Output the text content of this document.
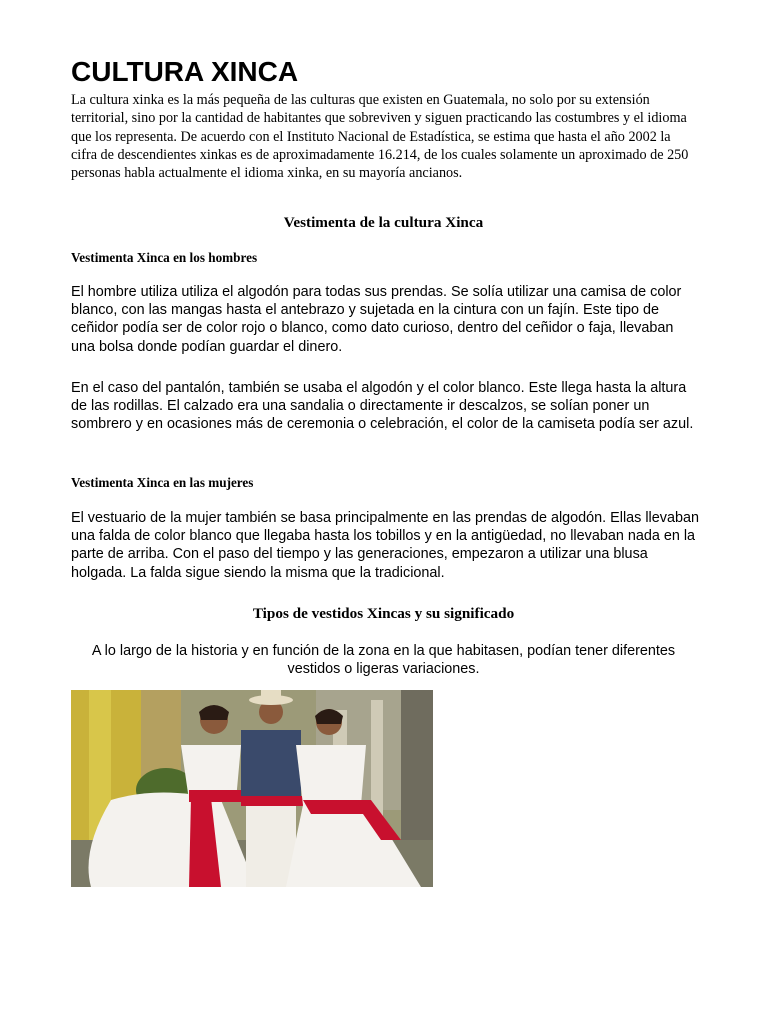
CULTURA XINCA

La cultura xinka es la más pequeña de las culturas que existen en Guatemala, no solo por su extensión territorial, sino por la cantidad de habitantes que sobreviven y siguen practicando las costumbres y el idioma que los representa. De acuerdo con el Instituto Nacional de Estadística, se estima que hasta el año 2002 la cifra de descendientes xinkas es de aproximadamente 16.214, de los cuales solamente un aproximado de 250 personas habla actualmente el idioma xinka, en su mayoría ancianos.

Vestimenta de la cultura Xinca
Vestimenta Xinca en los hombres

El hombre utiliza utiliza el algodón para todas sus prendas. Se solía utilizar una camisa de color blanco, con las mangas hasta el antebrazo y sujetada en la cintura con un fajín. Este tipo de ceñidor podía ser de color rojo o blanco, como dato curioso, dentro del ceñidor o faja, llevaban una bolsa donde podían guardar el dinero.

En el caso del pantalón, también se usaba el algodón y el color blanco. Este llega hasta la altura de las rodillas. El calzado era una sandalia o directamente ir descalzos, se solían poner un sombrero y en ocasiones más de ceremonia o celebración, el color de la camiseta podía ser azul.

Vestimenta Xinca en las mujeres

El vestuario de la mujer también se basa principalmente en las prendas de algodón. Ellas llevaban una falda de color blanco que llegaba hasta los tobillos y en la antigüedad, no llevaban nada en la parte de arriba. Con el paso del tiempo y las generaciones, empezaron a utilizar una blusa holgada. La falda sigue siendo la misma que la tradicional.

Tipos de vestidos Xincas y su significado

A lo largo de la historia y en función de la zona en la que habitasen, podían tener diferentes vestidos o ligeras variaciones.
